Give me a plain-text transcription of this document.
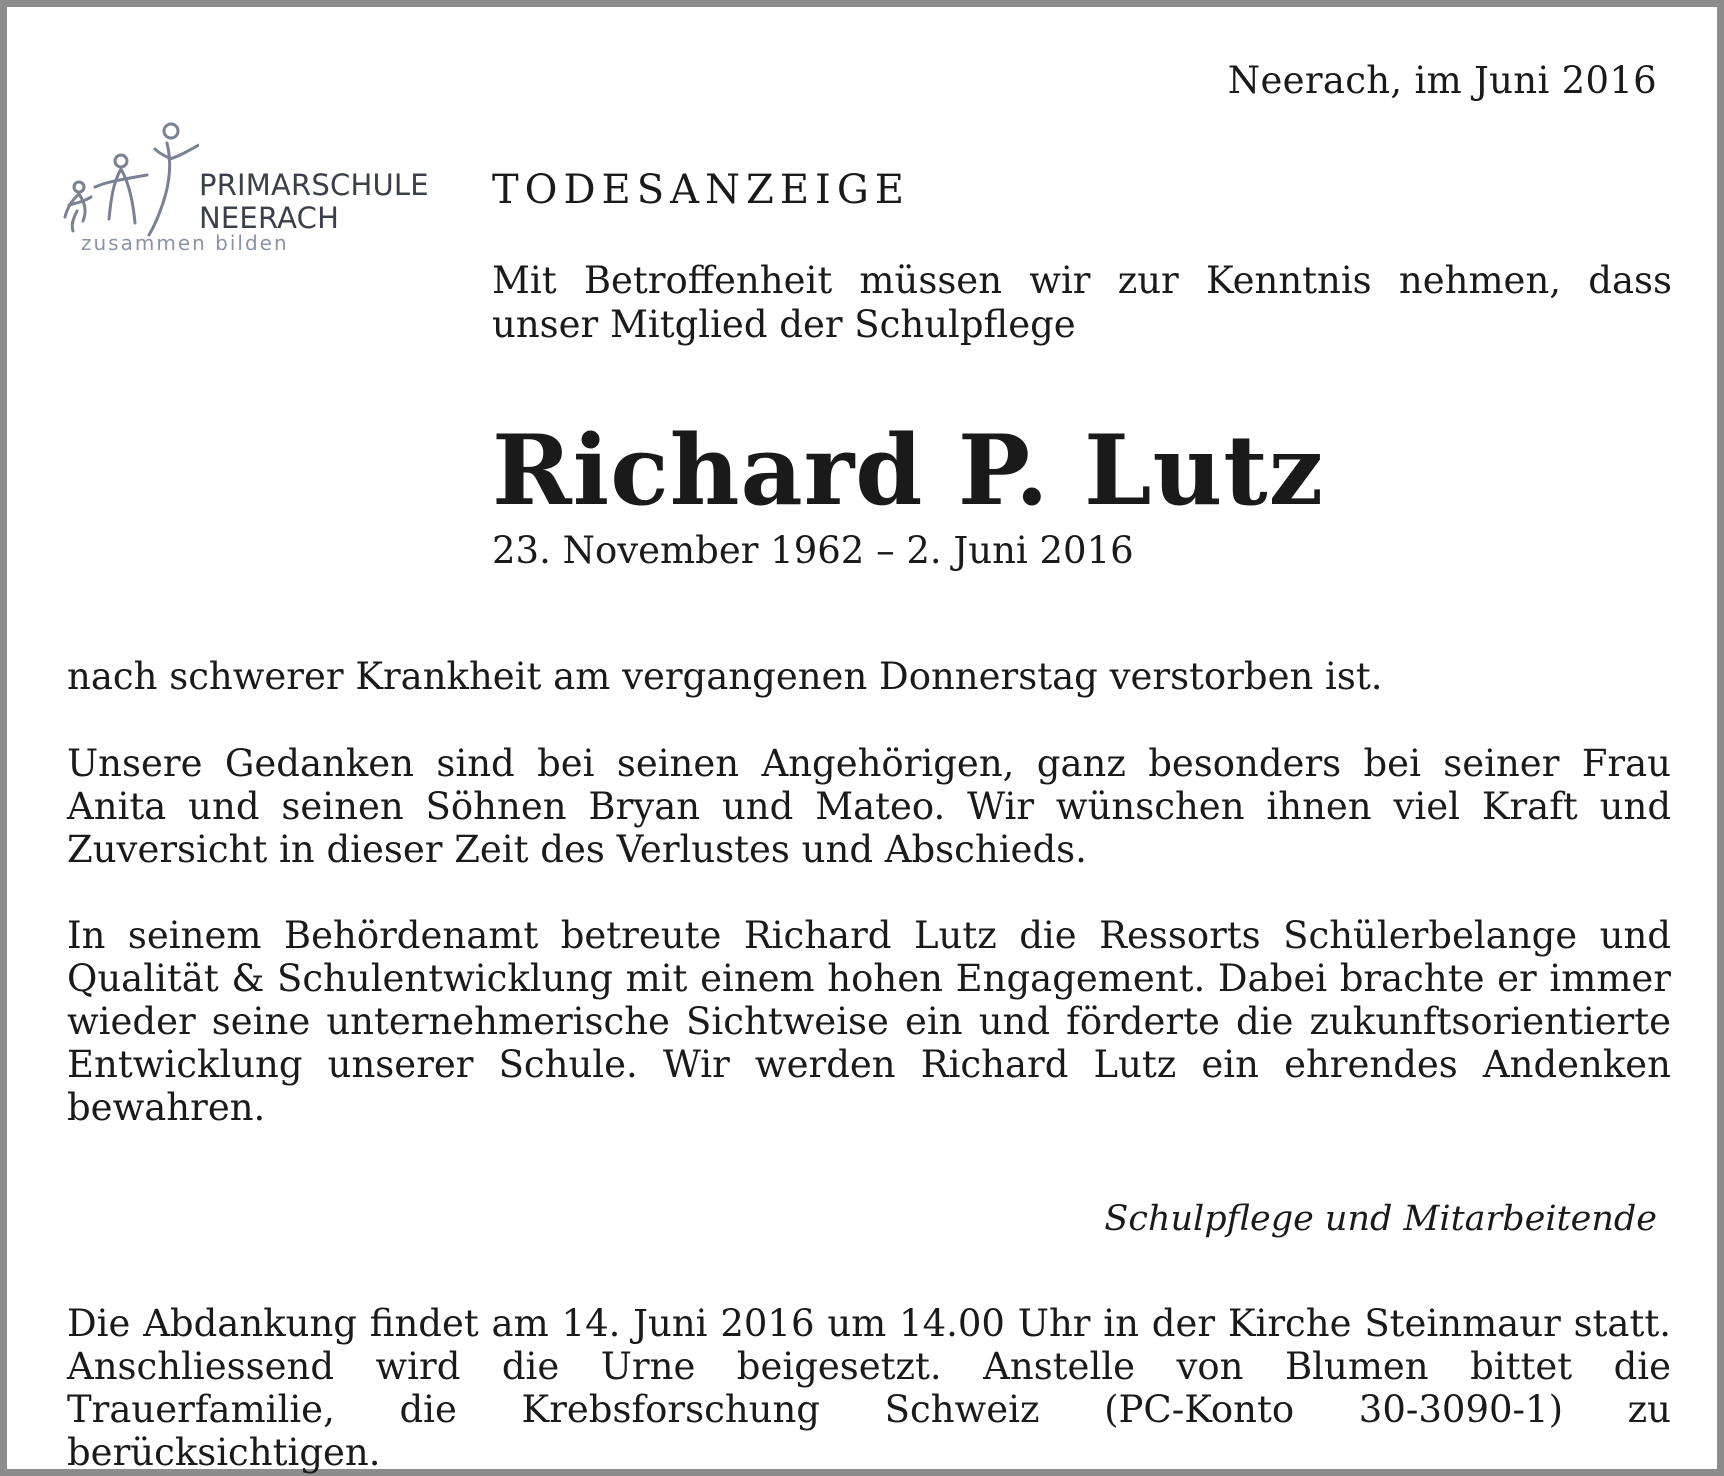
Neerach, im Juni 2016

PRIMARSCHULE
NEERACH
zusammen bilden

TODESANZEIGE

Mit Betroffenheit müssen wir zur Kenntnis nehmen, dass unser Mitglied der Schulpflege

Richard P. Lutz

23. November 1962 – 2. Juni 2016

nach schwerer Krankheit am vergangenen Donnerstag verstorben ist.

Unsere Gedanken sind bei seinen Angehörigen, ganz besonders bei seiner Frau Anita und seinen Söhnen Bryan und Mateo. Wir wünschen ihnen viel Kraft und Zuversicht in dieser Zeit des Verlustes und Abschieds.

In seinem Behördenamt betreute Richard Lutz die Ressorts Schülerbelange und Qualität & Schulentwicklung mit einem hohen Engagement. Dabei brachte er immer wieder seine unternehmerische Sichtweise ein und förderte die zukunftsorientierte Entwicklung unserer Schule. Wir werden Richard Lutz ein ehrendes Andenken bewahren.

Schulpflege und Mitarbeitende

Die Abdankung findet am 14. Juni 2016 um 14.00 Uhr in der Kirche Steinmaur statt. Anschliessend wird die Urne beigesetzt. Anstelle von Blumen bittet die Trauerfamilie, die Krebsforschung Schweiz (PC-Konto 30-3090-1) zu berücksichtigen.
